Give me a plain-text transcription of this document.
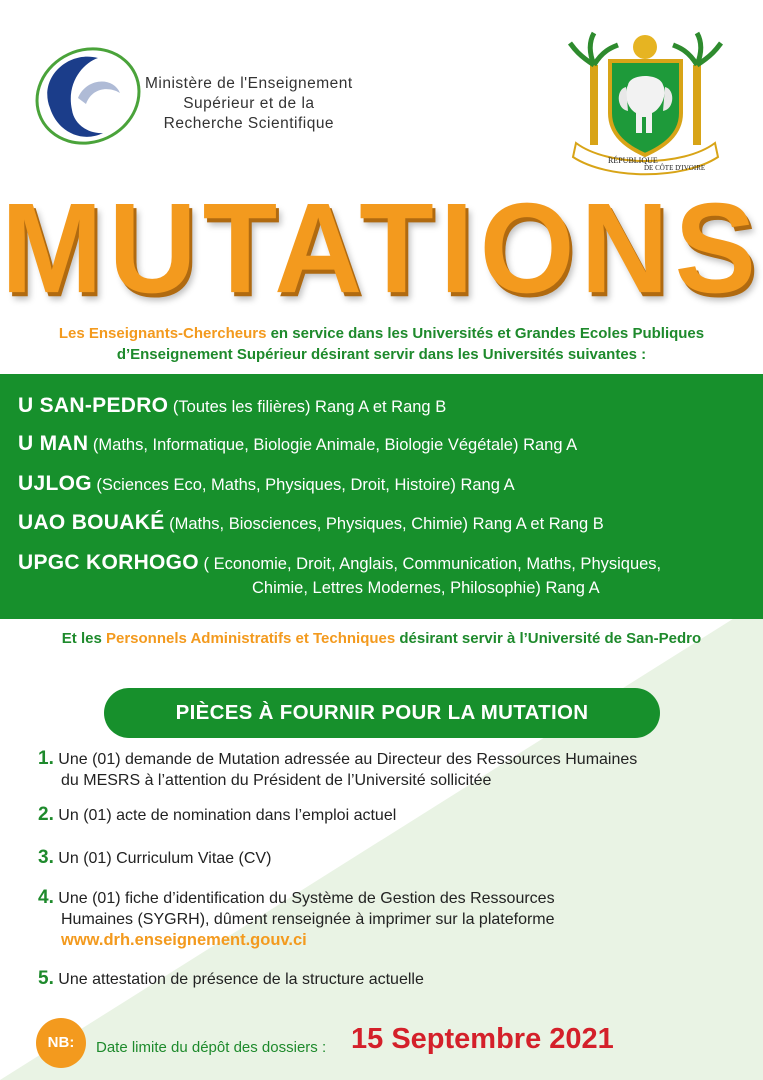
Ministère de l'Enseignement
Supérieur et de la
Recherche Scientifique
RÉPUBLIQUE
DE CÔTE D'IVOIRE
MUTATIONS
Les Enseignants-Chercheurs en service dans les Universités et Grandes Ecoles Publiques
d’Enseignement Supérieur désirant servir dans les Universités suivantes :
U SAN-PEDRO (Toutes les filières) Rang A et Rang B
U MAN (Maths, Informatique, Biologie Animale, Biologie Végétale) Rang A
UJLOG (Sciences Eco, Maths, Physiques, Droit, Histoire) Rang A
UAO BOUAKÉ (Maths, Biosciences, Physiques, Chimie) Rang A et Rang B
UPGC KORHOGO ( Economie, Droit, Anglais, Communication, Maths, Physiques,
Chimie, Lettres Modernes, Philosophie) Rang A
Et les Personnels Administratifs et Techniques désirant servir à l’Université de San-Pedro
PIÈCES À FOURNIR POUR LA MUTATION
1. Une (01) demande de Mutation adressée au Directeur des Ressources Humaines
du MESRS à l’attention du Président de l’Université sollicitée
2. Un (01) acte de nomination dans l’emploi actuel
3. Un (01) Curriculum Vitae (CV)
4. Une (01) fiche d’identification du Système de Gestion des Ressources
Humaines (SYGRH), dûment renseignée à imprimer sur la plateforme
www.drh.enseignement.gouv.ci
5. Une attestation de présence de la structure actuelle
NB:	Date limite du dépôt des dossiers : 15 Septembre 2021
